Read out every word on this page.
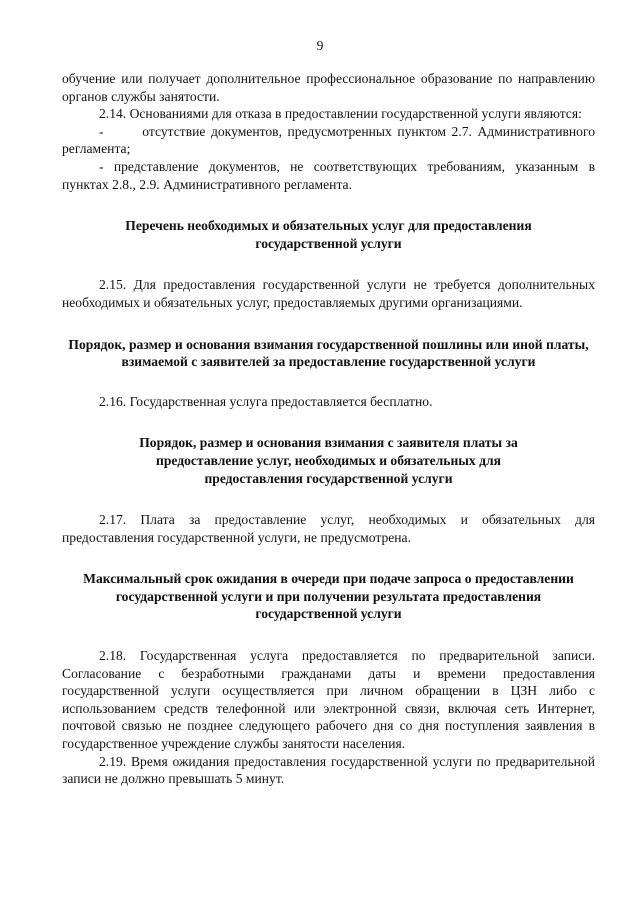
9

обучение или получает дополнительное профессиональное образование по направлению органов службы занятости.

2.14. Основаниями для отказа в предоставлении государственной услуги являются:

-       отсутствие документов, предусмотренных пунктом 2.7. Административного регламента;

- представление документов, не соответствующих требованиям, указанным в пунктах 2.8., 2.9. Административного регламента.

Перечень необходимых и обязательных услуг для предоставления государственной услуги

2.15. Для предоставления государственной услуги не требуется дополнительных необходимых и обязательных услуг, предоставляемых другими организациями.

Порядок, размер и основания взимания государственной пошлины или иной платы, взимаемой с заявителей за предоставление государственной услуги

2.16. Государственная услуга предоставляется бесплатно.

Порядок, размер и основания взимания с заявителя платы за предоставление услуг, необходимых и обязательных для предоставления государственной услуги

2.17. Плата за предоставление услуг, необходимых и обязательных для предоставления государственной услуги, не предусмотрена.

Максимальный срок ожидания в очереди при подаче запроса о предоставлении государственной услуги и при получении результата предоставления государственной услуги

2.18. Государственная услуга предоставляется по предварительной записи. Согласование с безработными гражданами даты и времени предоставления государственной услуги осуществляется при личном обращении в ЦЗН либо с использованием средств телефонной или электронной связи, включая сеть Интернет, почтовой связью не позднее следующего рабочего дня со дня поступления заявления в государственное учреждение службы занятости населения.

2.19. Время ожидания предоставления государственной услуги по предварительной записи не должно превышать 5 минут.
